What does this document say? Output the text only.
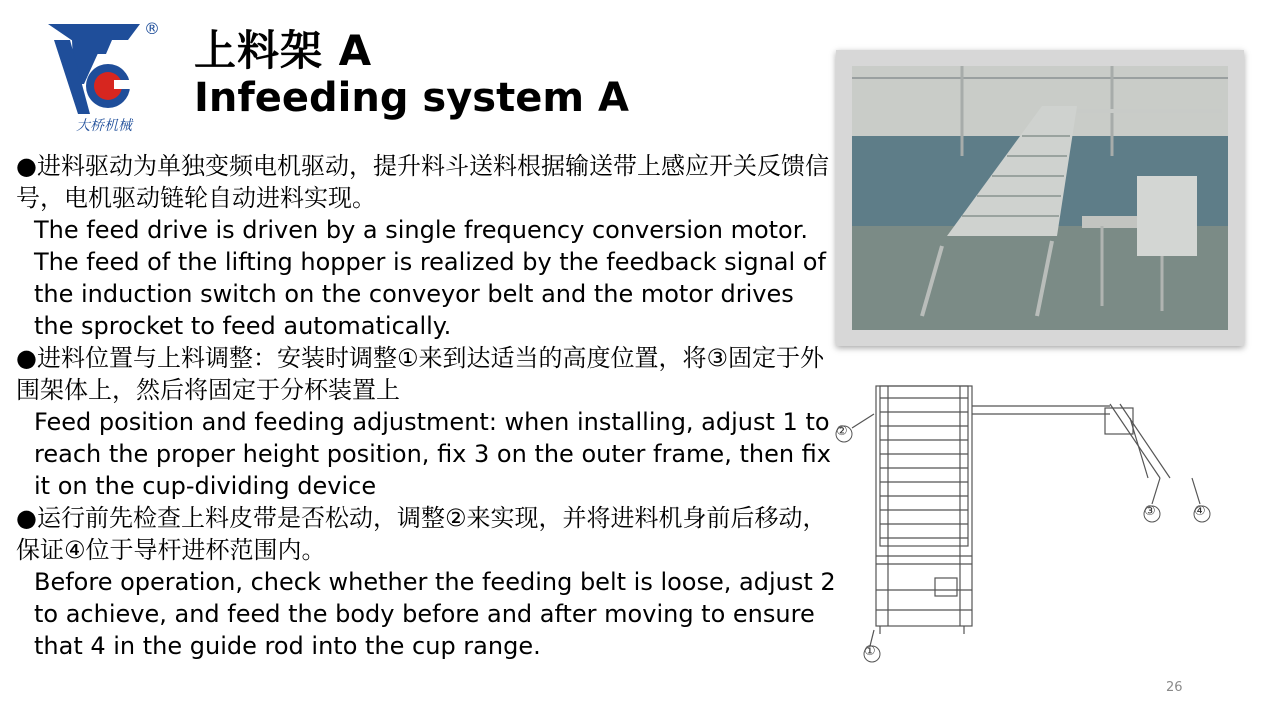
®
大桥机械
上料架 A
Infeeding system A

●进料驱动为单独变频电机驱动，提升料斗送料根据输送带上感应开关反馈信号，电机驱动链轮自动进料实现。

The feed drive is driven by a single frequency conversion motor. The feed of the lifting hopper is realized by the feedback signal of the induction switch on the conveyor belt and the motor drives the sprocket to feed automatically.

●进料位置与上料调整：安装时调整①来到达适当的高度位置，将③固定于外围架体上，然后将固定于分杯装置上

Feed position and feeding adjustment: when installing, adjust 1 to reach the proper height position, fix 3 on the outer frame, then fix it on the cup-dividing device

●运行前先检查上料皮带是否松动，调整②来实现，并将进料机身前后移动，保证④位于导杆进杯范围内。

Before operation, check whether the feeding belt is loose, adjust 2 to achieve, and feed the body before and after moving to ensure that 4 in the guide rod into the cup range.	①
②
③	④
26
